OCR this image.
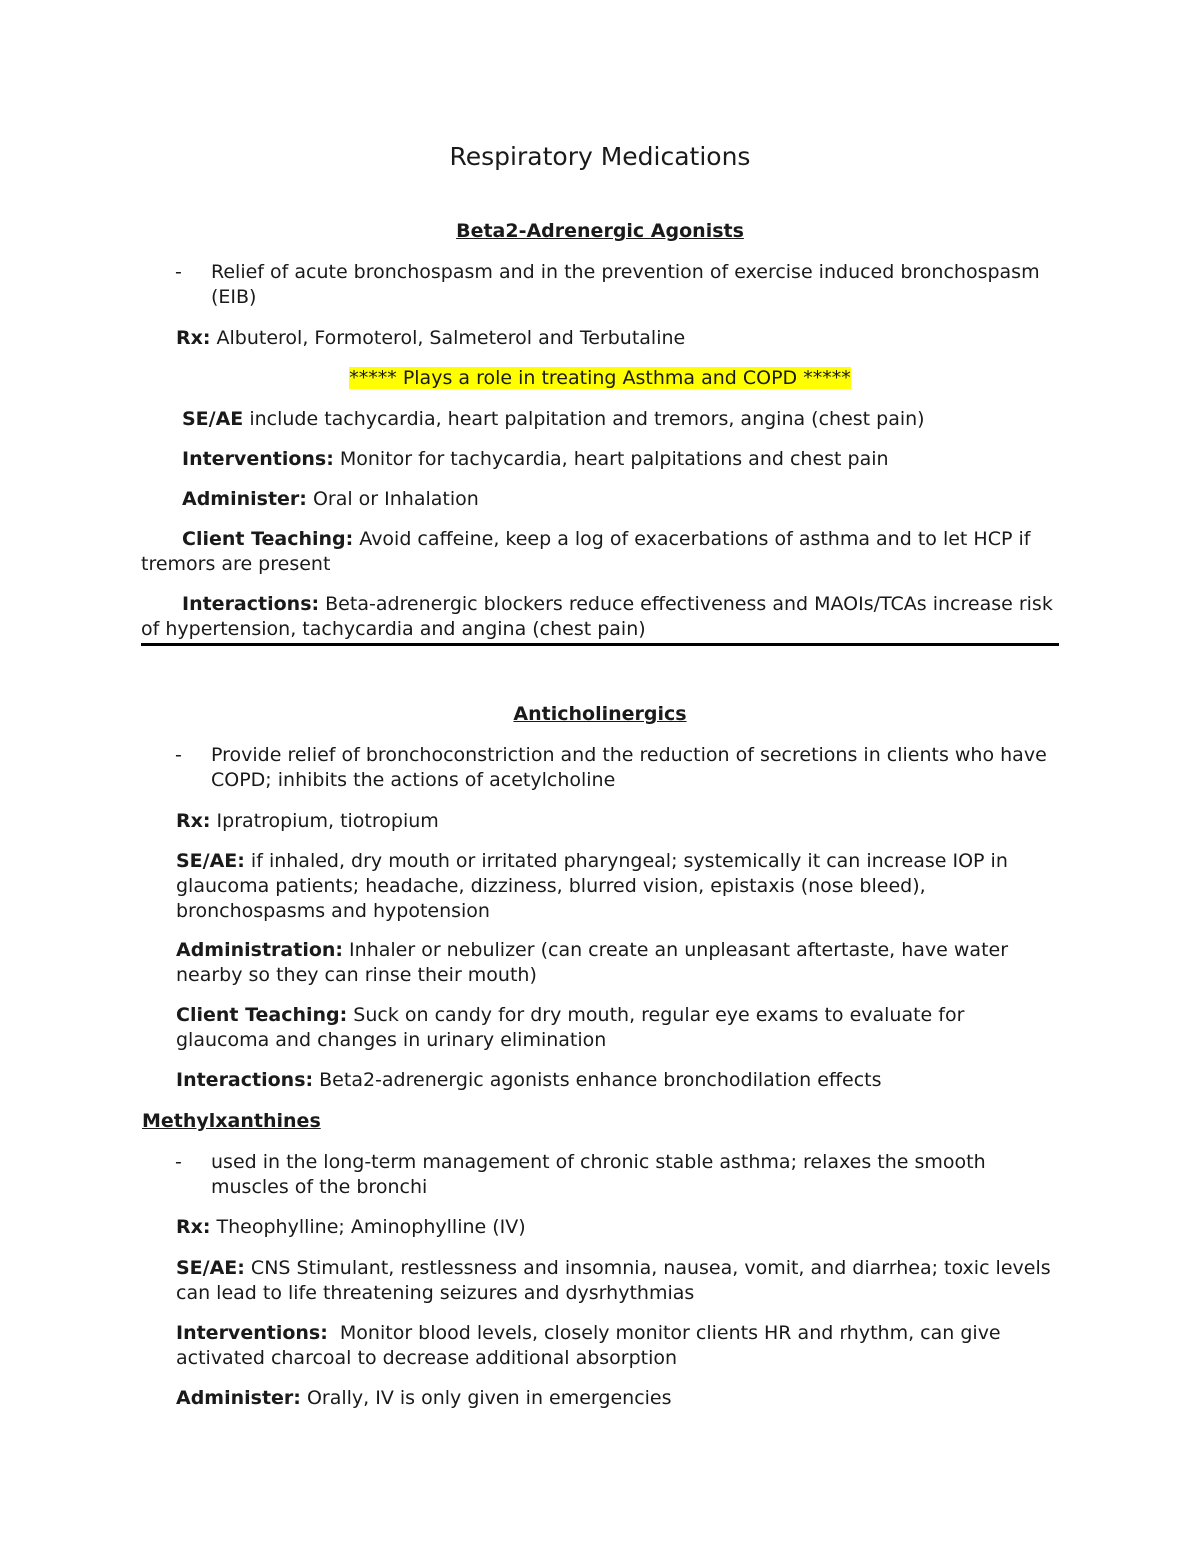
Respiratory Medications
Beta2-Adrenergic Agonists
- Relief of acute bronchospasm and in the prevention of exercise induced bronchospasm (EIB)
Rx: Albuterol, Formoterol, Salmeterol and Terbutaline
***** Plays a role in treating Asthma and COPD *****
SE/AE include tachycardia, heart palpitation and tremors, angina (chest pain)
Interventions: Monitor for tachycardia, heart palpitations and chest pain
Administer: Oral or Inhalation
Client Teaching: Avoid caffeine, keep a log of exacerbations of asthma and to let HCP if tremors are present
Interactions: Beta-adrenergic blockers reduce effectiveness and MAOIs/TCAs increase risk of hypertension, tachycardia and angina (chest pain)
Anticholinergics
- Provide relief of bronchoconstriction and the reduction of secretions in clients who have COPD; inhibits the actions of acetylcholine
Rx: Ipratropium, tiotropium
SE/AE: if inhaled, dry mouth or irritated pharyngeal; systemically it can increase IOP in glaucoma patients; headache, dizziness, blurred vision, epistaxis (nose bleed), bronchospasms and hypotension
Administration: Inhaler or nebulizer (can create an unpleasant aftertaste, have water nearby so they can rinse their mouth)
Client Teaching: Suck on candy for dry mouth, regular eye exams to evaluate for glaucoma and changes in urinary elimination
Interactions: Beta2-adrenergic agonists enhance bronchodilation effects
Methylxanthines
- used in the long-term management of chronic stable asthma; relaxes the smooth muscles of the bronchi
Rx: Theophylline; Aminophylline (IV)
SE/AE: CNS Stimulant, restlessness and insomnia, nausea, vomit, and diarrhea; toxic levels can lead to life threatening seizures and dysrhythmias
Interventions:  Monitor blood levels, closely monitor clients HR and rhythm, can give activated charcoal to decrease additional absorption
Administer: Orally, IV is only given in emergencies
